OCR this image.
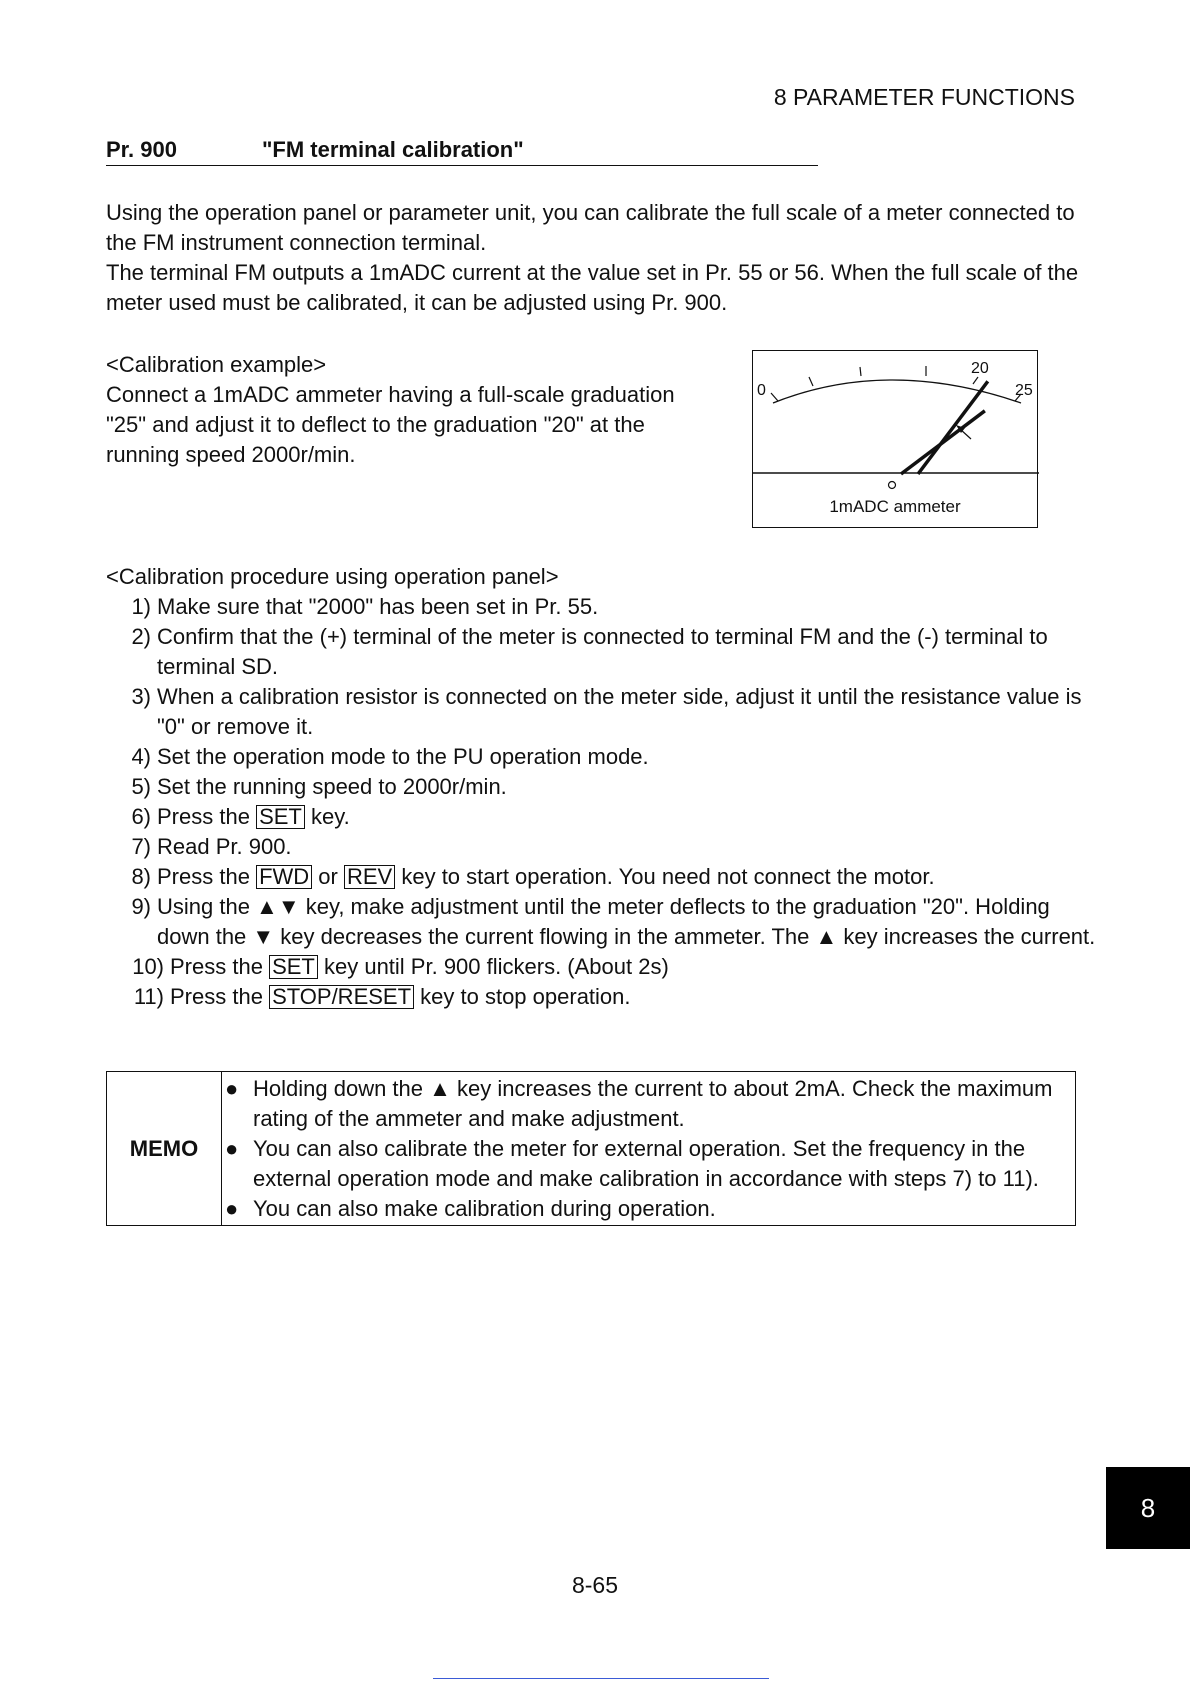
8 PARAMETER FUNCTIONS
Pr. 900	"FM terminal calibration"
Using the operation panel or parameter unit, you can calibrate the full scale of a meter connected to the FM instrument connection terminal.
The terminal FM outputs a 1mADC current at the value set in Pr. 55 or 56. When the full scale of the meter used must be calibrated, it can be adjusted using Pr. 900.
<Calibration example>
Connect a 1mADC ammeter having a full-scale graduation "25" and adjust it to deflect to the graduation "20" at the running speed 2000r/min.
0
20
25
1mADC ammeter
<Calibration procedure using operation panel>
1) Make sure that "2000" has been set in Pr. 55.
2) Confirm that the (+) terminal of the meter is connected to terminal FM and the (-) terminal to terminal SD.
3) When a calibration resistor is connected on the meter side, adjust it until the resistance value is "0" or remove it.
4) Set the operation mode to the PU operation mode.
5) Set the running speed to 2000r/min.
6) Press the SET key.
7) Read Pr. 900.
8) Press the FWD or REV key to start operation. You need not connect the motor.
9) Using the ▲▼ key, make adjustment until the meter deflects to the graduation "20". Holding down the ▼ key decreases the current flowing in the ammeter. The ▲ key increases the current.
10) Press the SET key until Pr. 900 flickers. (About 2s)
11) Press the STOP/RESET key to stop operation.
MEMO
● Holding down the ▲ key increases the current to about 2mA. Check the maximum rating of the ammeter and make adjustment.
● You can also calibrate the meter for external operation. Set the frequency in the external operation mode and make calibration in accordance with steps 7) to 11).
● You can also make calibration during operation.
8
8-65
